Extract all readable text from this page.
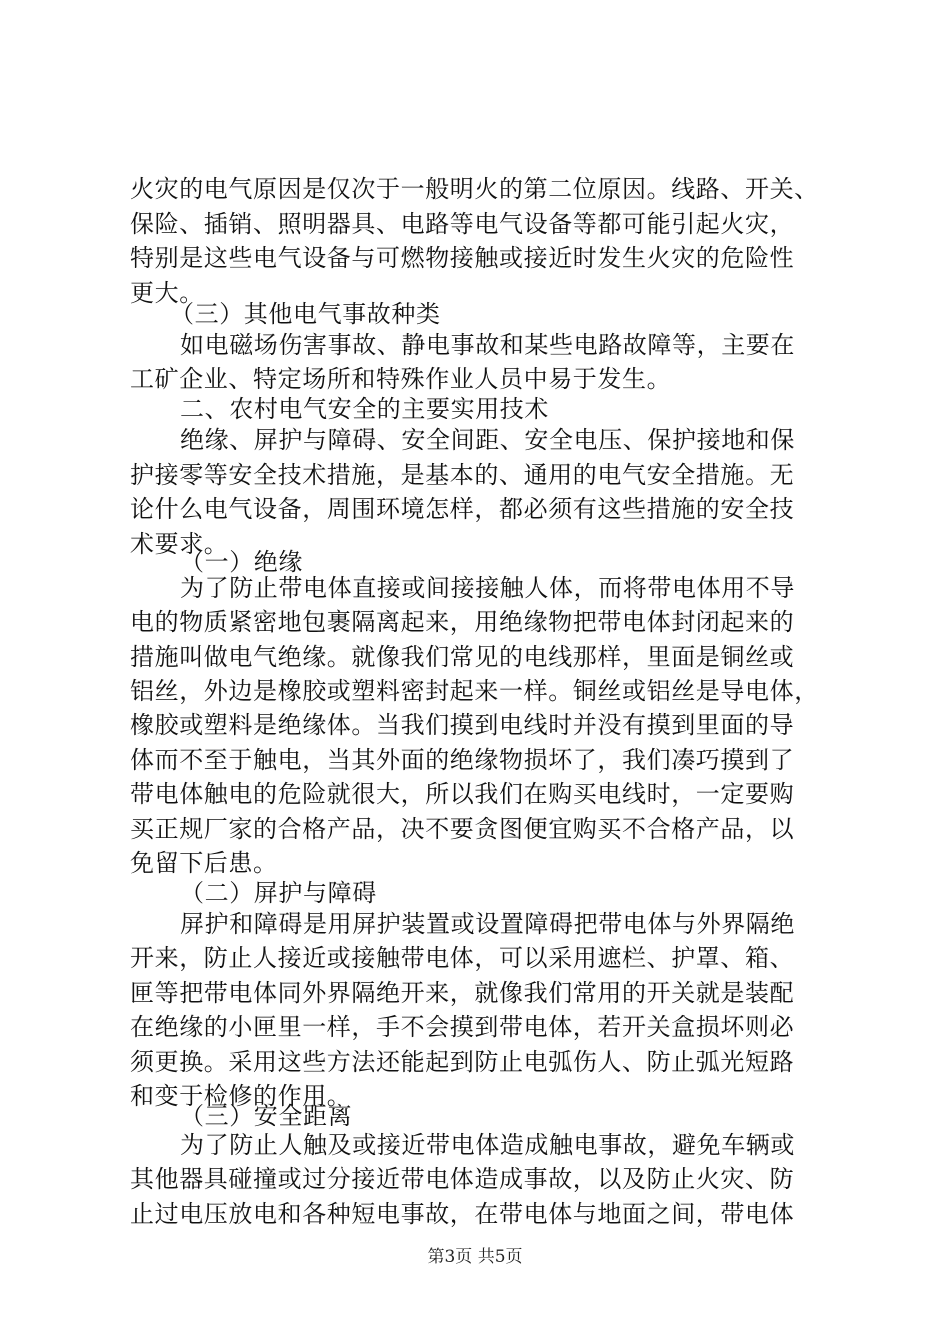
火灾的电气原因是仅次于一般明火的第二位原因。线路、开关、
保险、插销、照明器具、电路等电气设备等都可能引起火灾，
特别是这些电气设备与可燃物接触或接近时发生火灾的危险性
更大。
（三）其他电气事故种类
如电磁场伤害事故、静电事故和某些电路故障等，主要在
工矿企业、特定场所和特殊作业人员中易于发生。
二、农村电气安全的主要实用技术
绝缘、屏护与障碍、安全间距、安全电压、保护接地和保
护接零等安全技术措施，是基本的、通用的电气安全措施。无
论什么电气设备，周围环境怎样，都必须有这些措施的安全技
术要求。
（一）绝缘
为了防止带电体直接或间接接触人体，而将带电体用不导
电的物质紧密地包裹隔离起来，用绝缘物把带电体封闭起来的
措施叫做电气绝缘。就像我们常见的电线那样，里面是铜丝或
铝丝，外边是橡胶或塑料密封起来一样。铜丝或铝丝是导电体，
橡胶或塑料是绝缘体。当我们摸到电线时并没有摸到里面的导
体而不至于触电，当其外面的绝缘物损坏了，我们凑巧摸到了
带电体触电的危险就很大，所以我们在购买电线时，一定要购
买正规厂家的合格产品，决不要贪图便宜购买不合格产品，以
免留下后患。
（二）屏护与障碍
屏护和障碍是用屏护装置或设置障碍把带电体与外界隔绝
开来，防止人接近或接触带电体，可以采用遮栏、护罩、箱、
匣等把带电体同外界隔绝开来，就像我们常用的开关就是装配
在绝缘的小匣里一样，手不会摸到带电体，若开关盒损坏则必
须更换。采用这些方法还能起到防止电弧伤人、防止弧光短路
和变于检修的作用。
（三）安全距离
为了防止人触及或接近带电体造成触电事故，避免车辆或
其他器具碰撞或过分接近带电体造成事故，以及防止火灾、防
止过电压放电和各种短电事故，在带电体与地面之间，带电体
第3页 共5页
